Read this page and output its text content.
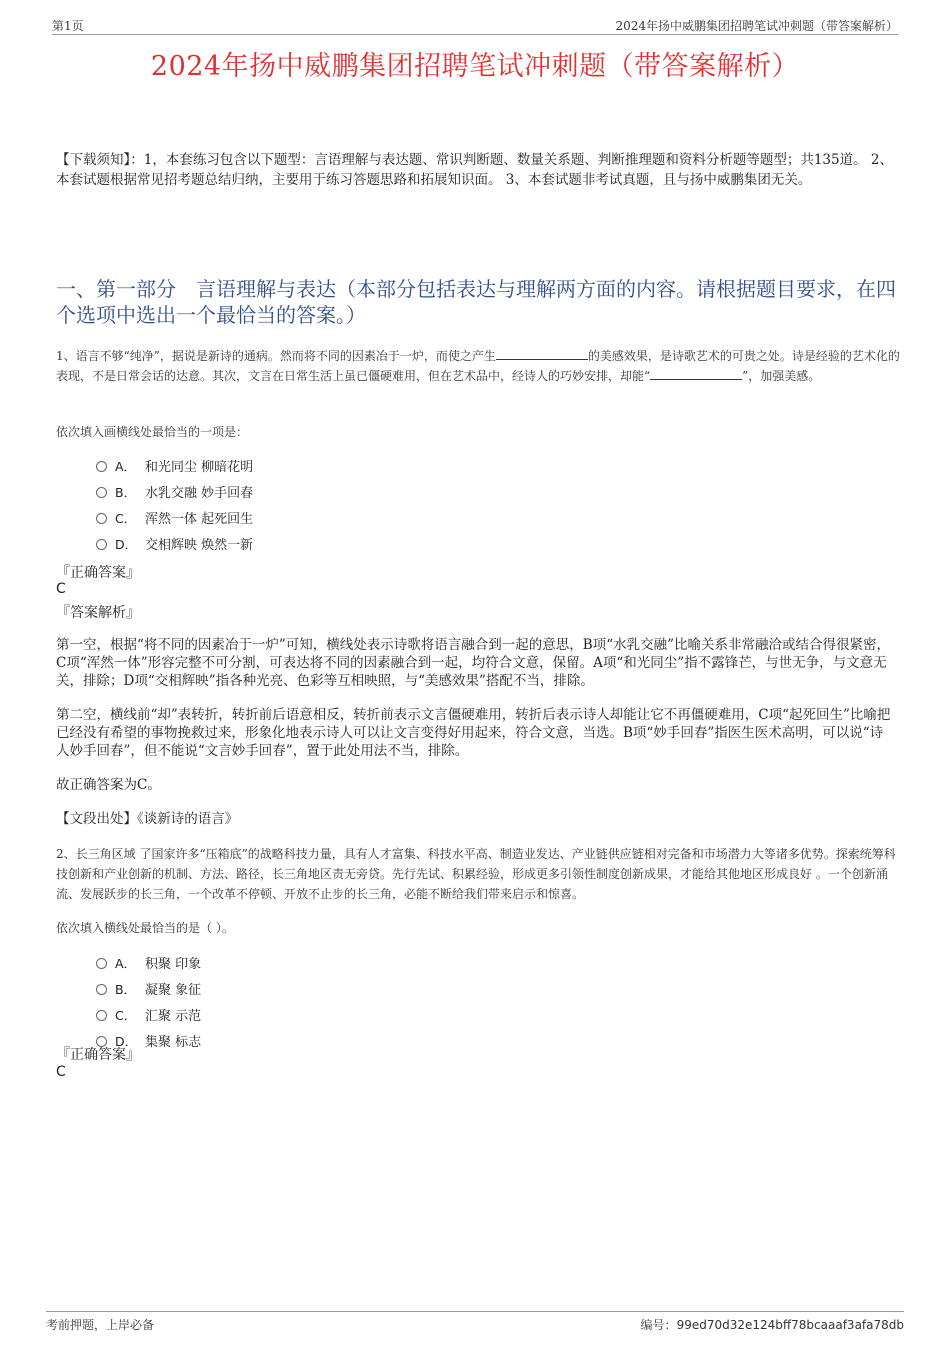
第1页	2024年扬中威鹏集团招聘笔试冲刺题（带答案解析）
2024年扬中威鹏集团招聘笔试冲刺题（带答案解析）
【下载须知】：1，本套练习包含以下题型：言语理解与表达题、常识判断题、数量关系题、判断推理题和资料分析题等题型；共135道。 2、本套试题根据常见招考题总结归纳，主要用于练习答题思路和拓展知识面。 3、本套试题非考试真题，且与扬中威鹏集团无关。
一、第一部分　言语理解与表达（本部分包括表达与理解两方面的内容。请根据题目要求，在四个选项中选出一个最恰当的答案。）
1、语言不够“纯净”，据说是新诗的通病。然而将不同的因素冶于一炉，而使之产生	的美感效果，是诗歌艺术的可贵之处。诗是经验的艺术化的表现，不是日常会话的达意。其次，文言在日常生活上虽已僵硬难用，但在艺术品中，经诗人的巧妙安排，却能“	”，加强美感。
依次填入画横线处最恰当的一项是：
A． 和光同尘 柳暗花明
B． 水乳交融 妙手回春
C． 浑然一体 起死回生
D． 交相辉映 焕然一新
『正确答案』
C
『答案解析』
第一空，根据“将不同的因素冶于一炉”可知，横线处表示诗歌将语言融合到一起的意思，B项“水乳交融”比喻关系非常融洽或结合得很紧密，C项“浑然一体”形容完整不可分割，可表达将不同的因素融合到一起，均符合文意，保留。A项“和光同尘”指不露锋芒，与世无争，与文意无关，排除；D项“交相辉映”指各种光亮、色彩等互相映照，与“美感效果”搭配不当，排除。
第二空，横线前“却”表转折，转折前后语意相反，转折前表示文言僵硬难用，转折后表示诗人却能让它不再僵硬难用，C项“起死回生”比喻把已经没有希望的事物挽救过来，形象化地表示诗人可以让文言变得好用起来，符合文意，当选。B项“妙手回春”指医生医术高明，可以说“诗人妙手回春”，但不能说“文言妙手回春”，置于此处用法不当，排除。
故正确答案为C。
【文段出处】《谈新诗的语言》
2、长三角区域 了国家许多“压箱底”的战略科技力量，具有人才富集、科技水平高、制造业发达、产业链供应链相对完备和市场潜力大等诸多优势。探索统筹科技创新和产业创新的机制、方法、路径，长三角地区责无旁贷。先行先试、积累经验，形成更多引领性制度创新成果，才能给其他地区形成良好 。一个创新涌流、发展跃步的长三角，一个改革不停顿、开放不止步的长三角，必能不断给我们带来启示和惊喜。
依次填入横线处最恰当的是（ ）。
A． 积聚 印象
B． 凝聚 象征
C． 汇聚 示范
D． 集聚 标志
『正确答案』
C
考前押题，上岸必备	编号：99ed70d32e124bff78bcaaaf3afa78db
